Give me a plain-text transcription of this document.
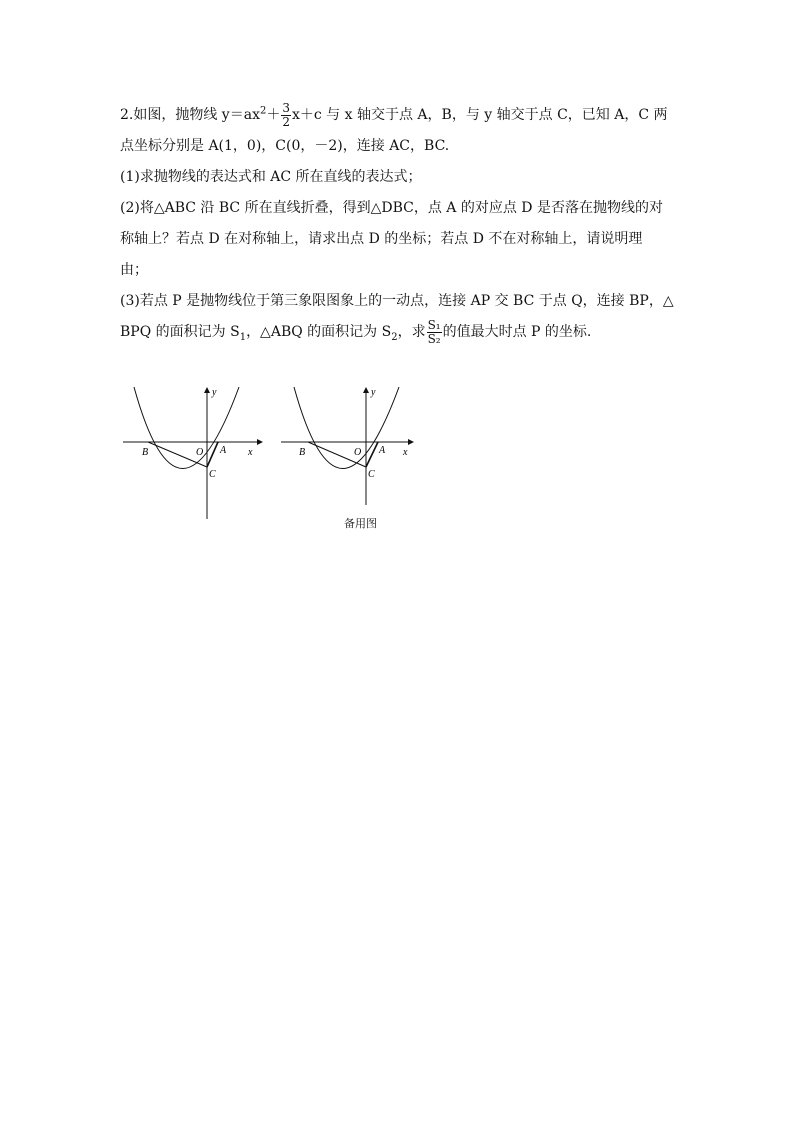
2.如图，抛物线 $y=ax^2+ \frac{3}{2} x+c$ 与 x 轴交于点 A，B，与 y 轴交于点 C，已知 A，C 两
点坐标分别是 A(1，0)，C(0，－2)，连接 AC，BC.
(1)求抛物线的表达式和 AC 所在直线的表达式；
(2)将△ABC 沿 BC 所在直线折叠，得到△DBC，点 A 的对应点 D 是否落在抛物线的对
称轴上？若点 D 在对称轴上，请求出点 D 的坐标；若点 D 不在对称轴上，请说明理
由；
(3)若点 P 是抛物线位于第三象限图象上的一动点，连接 AP 交 BC 于点 Q，连接 BP，△
BPQ 的面积记为 $S_1$，△ABQ 的面积记为 $S_2$，求 $\frac{\text{S₁}}{\text{S₂}}$ 的值最大时点 P 的坐标.
y
x
O A
B
C
y
x
O A
B
C
备用图
